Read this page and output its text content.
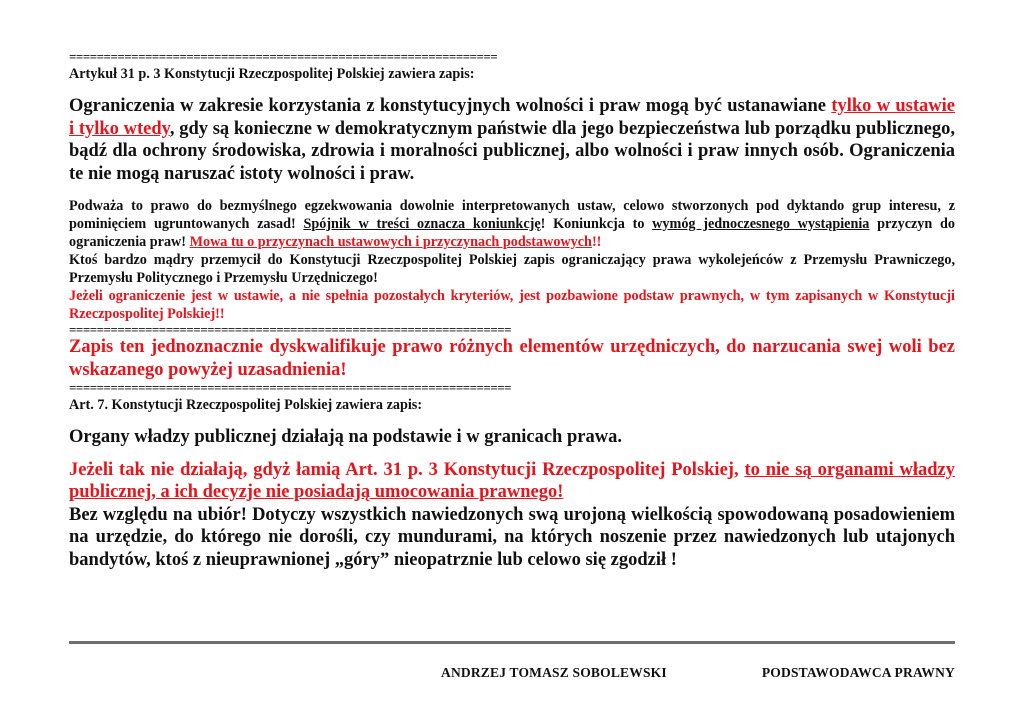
==============================================================

Artykuł 31 p. 3 Konstytucji Rzeczpospolitej Polskiej zawiera zapis:

Ograniczenia w zakresie korzystania z konstytucyjnych wolności i praw mogą być ustanawiane tylko w ustawie i tylko wtedy, gdy są konieczne w demokratycznym państwie dla jego bezpieczeństwa lub porządku publicznego, bądź dla ochrony środowiska, zdrowia i moralności publicznej, albo wolności i praw innych osób. Ograniczenia te nie mogą naruszać istoty wolności i praw.

Podważa to prawo do bezmyślnego egzekwowania dowolnie interpretowanych ustaw, celowo stworzonych pod dyktando grup interesu, z pominięciem ugruntowanych zasad! Spójnik w treści oznacza koniunkcję! Koniunkcja to wymóg jednoczesnego wystąpienia przyczyn do ograniczenia praw! Mowa tu o przyczynach ustawowych i przyczynach podstawowych!!

Ktoś bardzo mądry przemycił do Konstytucji Rzeczpospolitej Polskiej zapis ograniczający prawa wykolejeńców z Przemysłu Prawniczego, Przemysłu Politycznego i Przemysłu Urzędniczego!

Jeżeli ograniczenie jest w ustawie, a nie spełnia pozostałych kryteriów, jest pozbawione podstaw prawnych, w tym zapisanych w Konstytucji Rzeczpospolitej Polskiej!!

================================================================

Zapis ten jednoznacznie dyskwalifikuje prawo różnych elementów urzędniczych, do narzucania swej woli bez wskazanego powyżej uzasadnienia!

================================================================

Art. 7. Konstytucji Rzeczpospolitej Polskiej zawiera zapis:

Organy władzy publicznej działają na podstawie i w granicach prawa.

Jeżeli tak nie działają, gdyż łamią Art. 31 p. 3 Konstytucji Rzeczpospolitej Polskiej, to nie są organami władzy publicznej, a ich decyzje nie posiadają umocowania prawnego!

Bez względu na ubiór! Dotyczy wszystkich nawiedzonych swą urojoną wielkością spowodowaną posadowieniem na urzędzie, do którego nie dorośli, czy mundurami, na których noszenie przez nawiedzonych lub utajonych bandytów, ktoś z nieuprawnionej „góry” nieopatrznie lub celowo się zgodził !

ANDRZEJ TOMASZ SOBOLEWSKI	PODSTAWODAWCA PRAWNY
